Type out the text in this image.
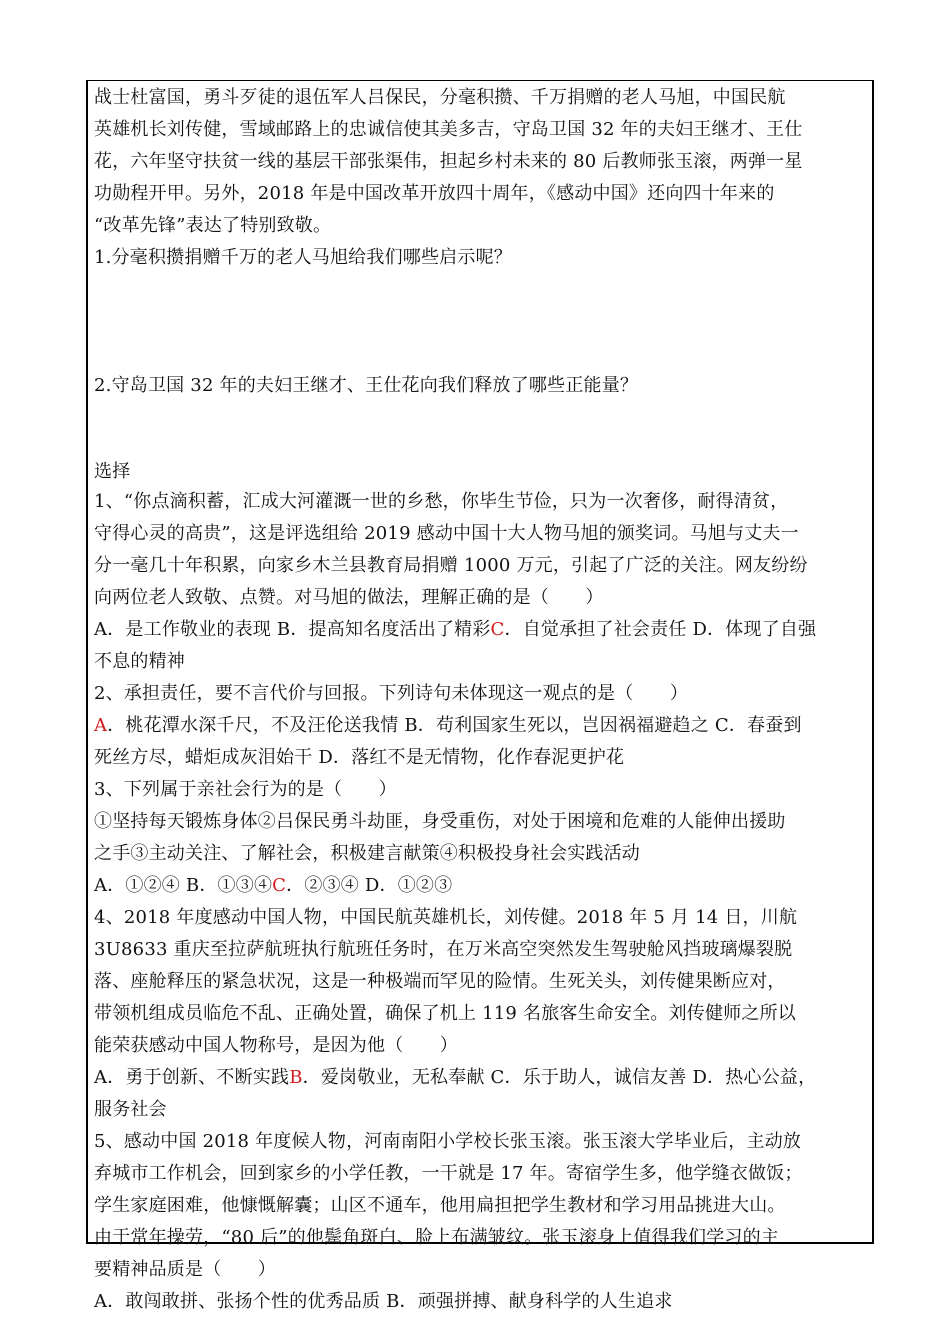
战士杜富国，勇斗歹徒的退伍军人吕保民，分毫积攒、千万捐赠的老人马旭，中国民航
英雄机长刘传健，雪域邮路上的忠诚信使其美多吉，守岛卫国 32 年的夫妇王继才、王仕
花，六年坚守扶贫一线的基层干部张渠伟，担起乡村未来的 80 后教师张玉滚，两弹一星
功勋程开甲。另外，2018 年是中国改革开放四十周年，《感动中国》还向四十年来的
“改革先锋”表达了特别致敬。
1.分毫积攒捐赠千万的老人马旭给我们哪些启示呢？
2.守岛卫国 32 年的夫妇王继才、王仕花向我们释放了哪些正能量？
选择
1、“你点滴积蓄，汇成大河灌溉一世的乡愁，你毕生节俭，只为一次奢侈，耐得清贫，
守得心灵的高贵”，这是评选组给 2019 感动中国十大人物马旭的颁奖词。马旭与丈夫一
分一毫几十年积累，向家乡木兰县教育局捐赠 1000 万元，引起了广泛的关注。网友纷纷
向两位老人致敬、点赞。对马旭的做法，理解正确的是（　　）
A．是工作敬业的表现 B．提高知名度活出了精彩C．自觉承担了社会责任 D．体现了自强
不息的精神
2、承担责任，要不言代价与回报。下列诗句未体现这一观点的是（　　）
A．桃花潭水深千尺，不及汪伦送我情 B．苟利国家生死以，岂因祸福避趋之 C．春蚕到
死丝方尽，蜡炬成灰泪始干 D．落红不是无情物，化作春泥更护花
3、下列属于亲社会行为的是（　　）
①坚持每天锻炼身体②吕保民勇斗劫匪，身受重伤，对处于困境和危难的人能伸出援助
之手③主动关注、了解社会，积极建言献策④积极投身社会实践活动
A．①②④ B．①③④C．②③④ D．①②③
4、2018 年度感动中国人物，中国民航英雄机长，刘传健。2018 年 5 月 14 日，川航
3U8633 重庆至拉萨航班执行航班任务时，在万米高空突然发生驾驶舱风挡玻璃爆裂脱
落、座舱释压的紧急状况，这是一种极端而罕见的险情。生死关头，刘传健果断应对，
带领机组成员临危不乱、正确处置，确保了机上 119 名旅客生命安全。刘传健师之所以
能荣获感动中国人物称号，是因为他（　　）
A．勇于创新、不断实践B．爱岗敬业，无私奉献 C．乐于助人，诚信友善 D．热心公益，
服务社会
5、感动中国 2018 年度候人物，河南南阳小学校长张玉滚。张玉滚大学毕业后，主动放
弃城市工作机会，回到家乡的小学任教，一干就是 17 年。寄宿学生多，他学缝衣做饭；
学生家庭困难，他慷慨解囊；山区不通车，他用扁担把学生教材和学习用品挑进大山。
由于常年操劳，“80 后”的他鬓角斑白、脸上布满皱纹。张玉滚身上值得我们学习的主
要精神品质是（　　）
A．敢闯敢拼、张扬个性的优秀品质 B．顽强拼搏、献身科学的人生追求
